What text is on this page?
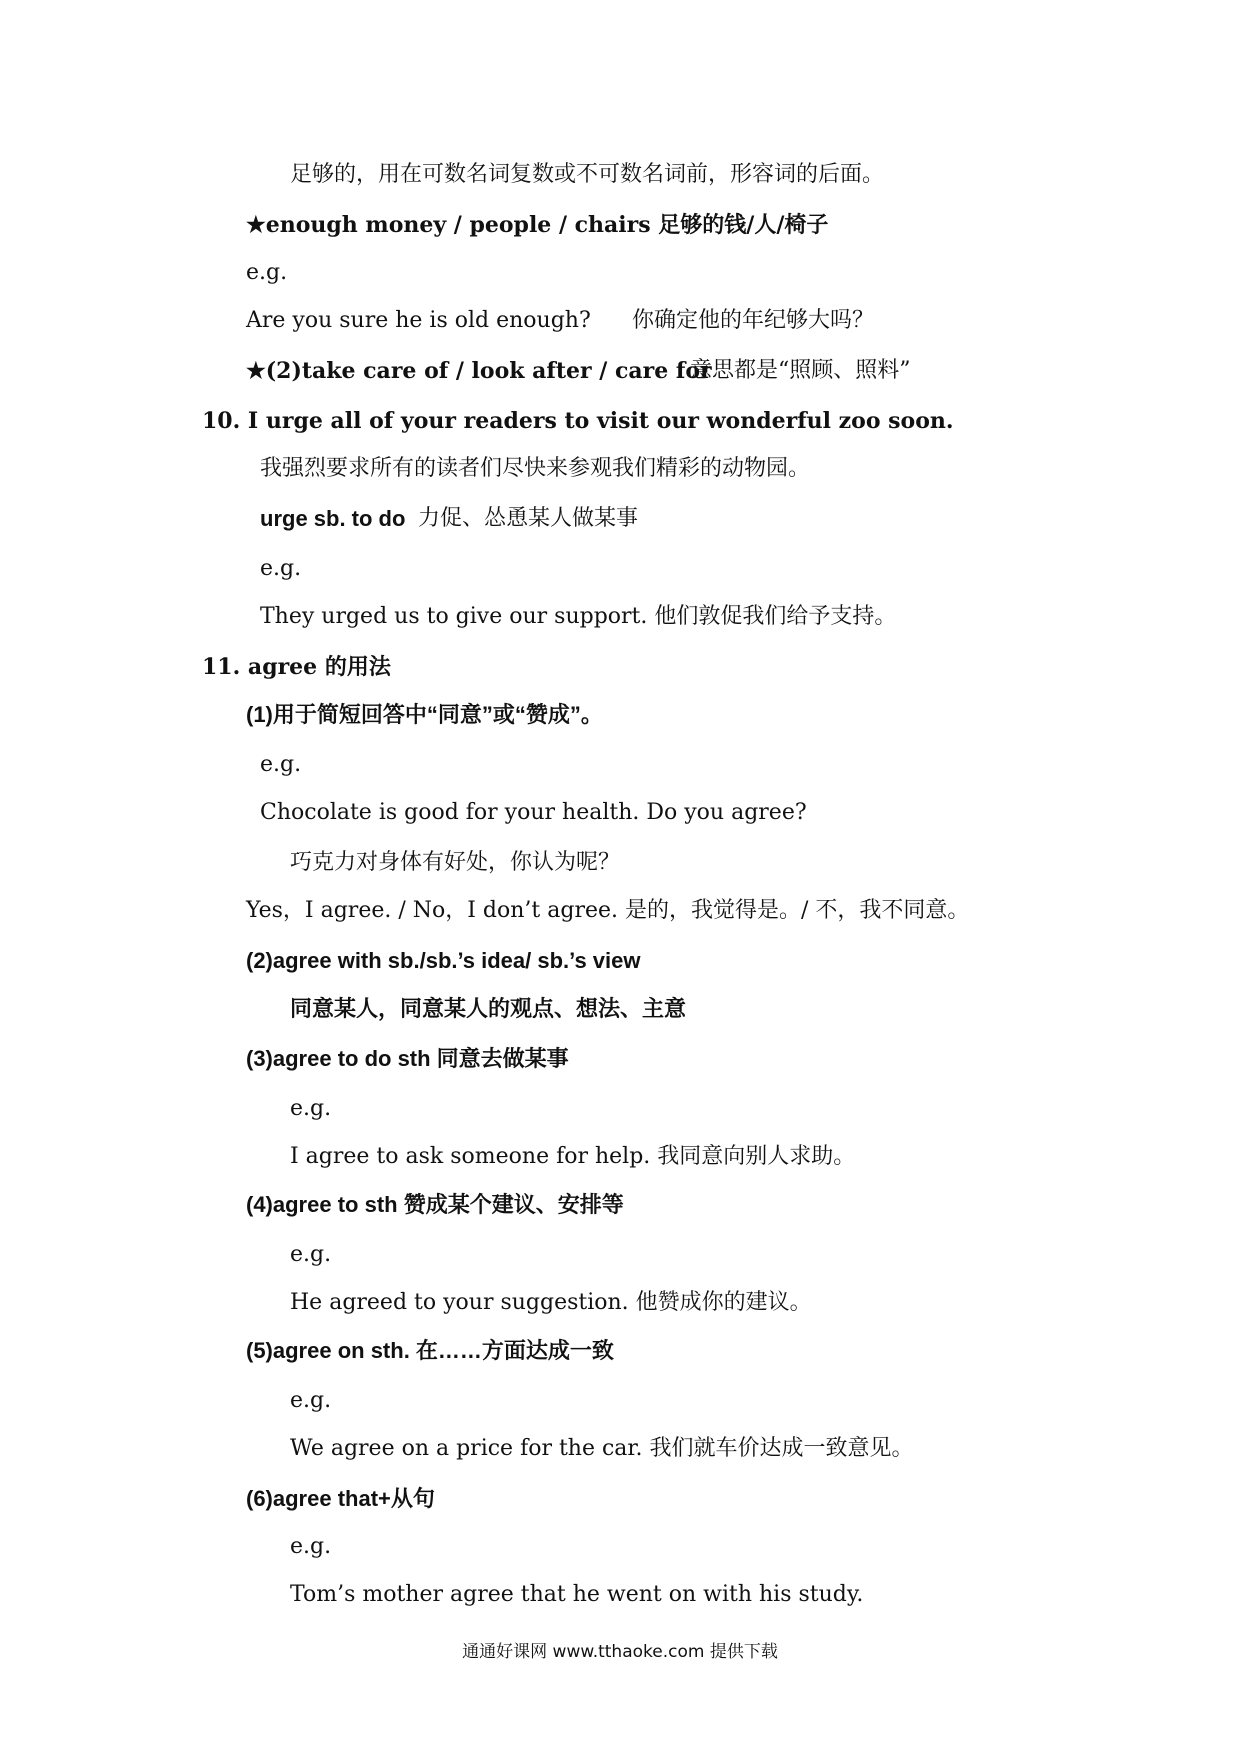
足够的，用在可数名词复数或不可数名词前，形容词的后面。
★enough money / people / chairs 足够的钱/人/椅子
e.g.
Are you sure he is old enough? 你确定他的年纪够大吗？
★(2)take care of / look after / care for
意思都是“照顾、照料”
10. I urge all of your readers to visit our wonderful zoo soon.
我强烈要求所有的读者们尽快来参观我们精彩的动物园。
urge sb. to do 力促、怂恿某人做某事
e.g.
They urged us to give our support. 他们敦促我们给予支持。
11. agree 的用法
(1)用于简短回答中“同意”或“赞成”。
e.g.
Chocolate is good for your health. Do you agree?
巧克力对身体有好处，你认为呢？
Yes，I agree. / No，I don’t agree. 是的，我觉得是。/ 不，我不同意。
(2)agree with sb./sb.’s idea/ sb.’s view
同意某人，同意某人的观点、想法、主意
(3)agree to do sth 同意去做某事
e.g.
I agree to ask someone for help. 我同意向别人求助。
(4)agree to sth 赞成某个建议、安排等
e.g.
He agreed to your suggestion. 他赞成你的建议。
(5)agree on sth. 在……方面达成一致
e.g.
We agree on a price for the car. 我们就车价达成一致意见。
(6)agree that+从句
e.g.
Tom’s mother agree that he went on with his study.
通通好课网 www.tthaoke.com 提供下载
